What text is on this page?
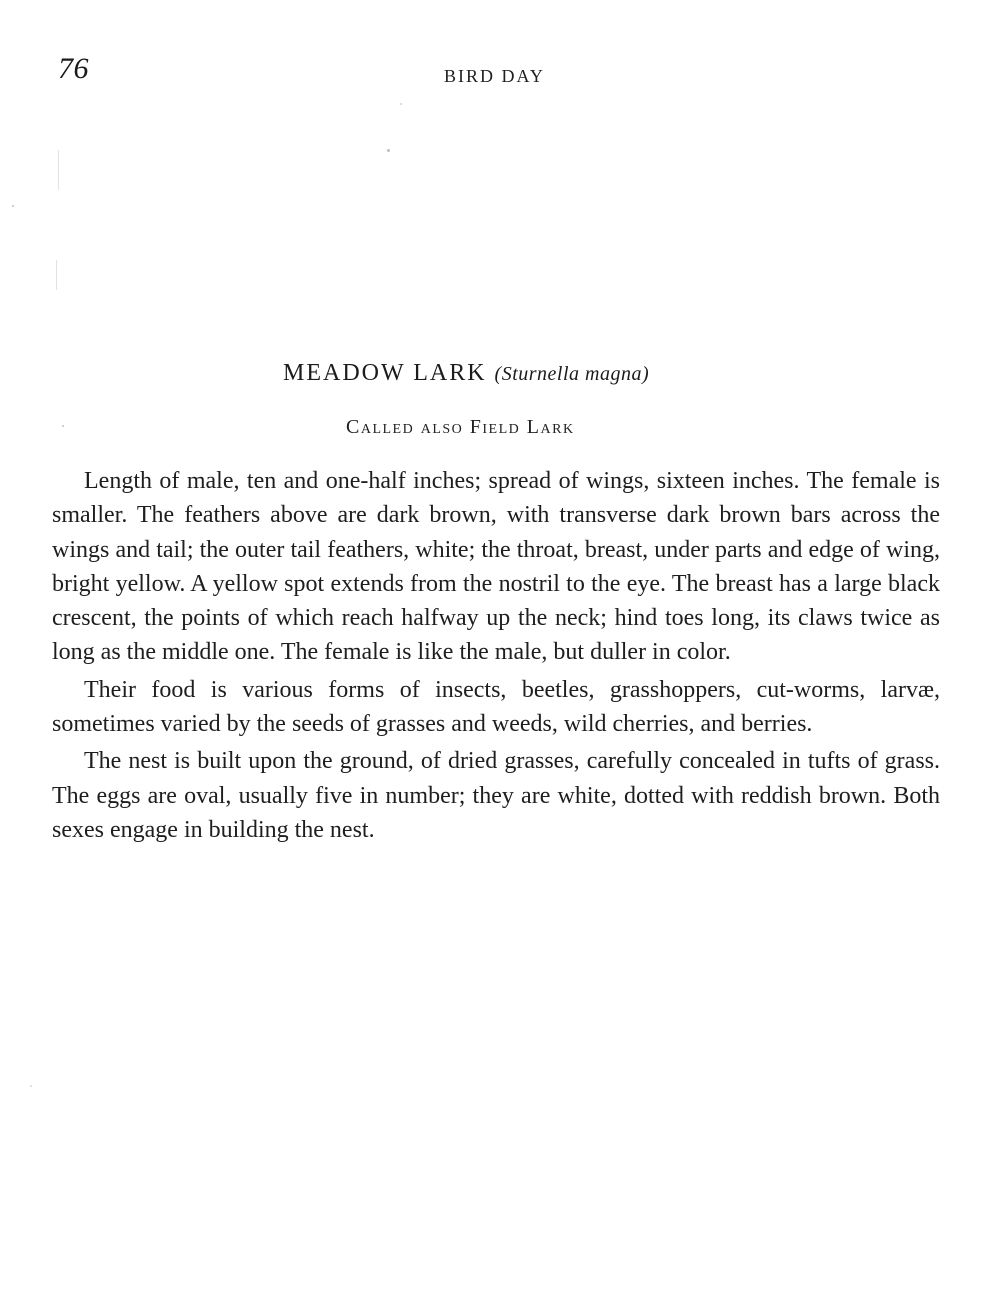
76	BIRD DAY
MEADOW LARK (Sturnella magna)
Called also Field Lark

Length of male, ten and one-half inches; spread of wings, sixteen inches. The female is smaller. The feathers above are dark brown, with transverse dark brown bars across the wings and tail; the outer tail feathers, white; the throat, breast, under parts and edge of wing, bright yellow. A yellow spot extends from the nostril to the eye. The breast has a large black crescent, the points of which reach halfway up the neck; hind toes long, its claws twice as long as the middle one. The female is like the male, but duller in color.

Their food is various forms of insects, beetles, grasshoppers, cut-worms, larvæ, sometimes varied by the seeds of grasses and weeds, wild cherries, and berries.

The nest is built upon the ground, of dried grasses, carefully concealed in tufts of grass. The eggs are oval, usually five in number; they are white, dotted with reddish brown. Both sexes engage in building the nest.
